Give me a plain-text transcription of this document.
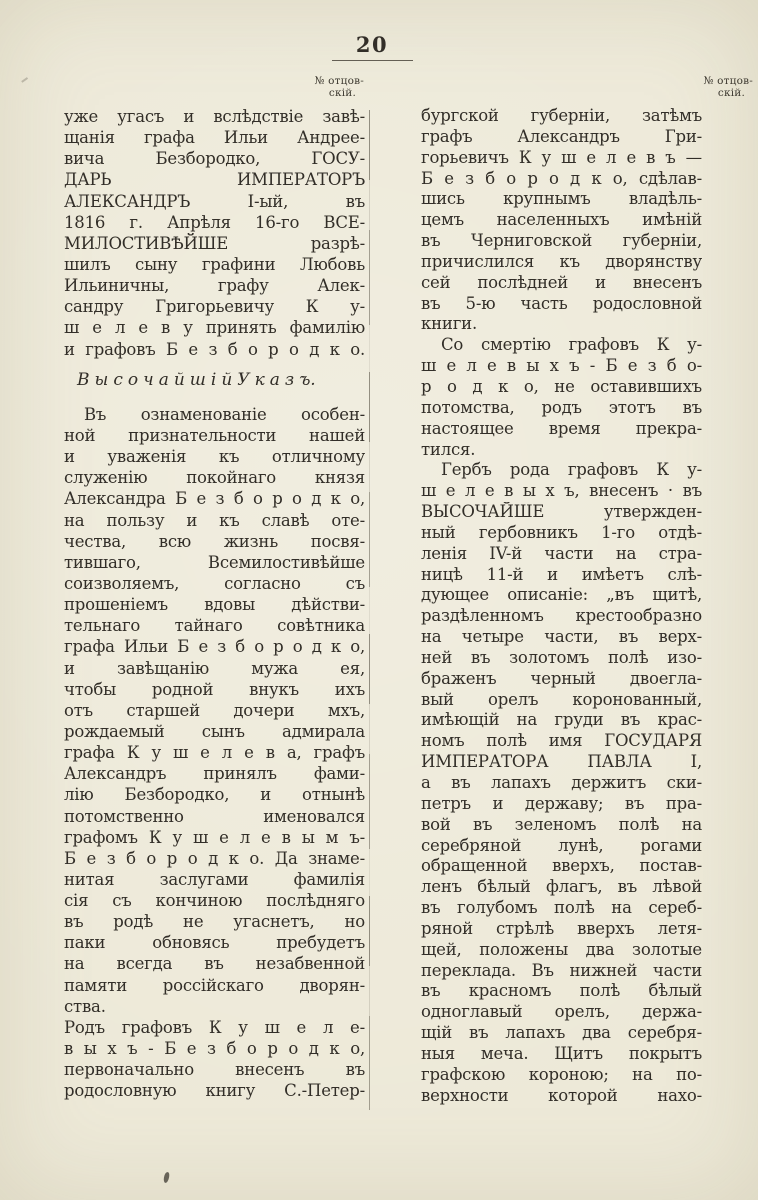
20
№ отцов-
скій.
№ отцов-
скій.
уже угасъ и вслѣдствіе завѣ-
щанія графа Ильи Андрее-
вича Безбородко, ГОСУ-
ДАРЬ ИМПЕРАТОРЪ
АЛЕКСАНДРЪ I-ый, въ
1816 г. Апрѣля 16-го ВСЕ-
МИЛОСТИВѢЙШЕ разрѣ-
шилъ сыну графини Любовь
Ильиничны, графу Алек-
сандру Григорьевичу К у-
ш е л е в у принять фамилію
и графовъ Б е з б о р о д к о.
В ы с о ч а й ш і й У к а з ъ.
Въ ознаменованіе особен-
ной признательности нашей
и уваженія къ отличному
служенію покойнаго князя
Александра Б е з б о р о д к о,
на пользу и къ славѣ оте-
чества, всю жизнь посвя-
тившаго, Всемилостивѣйше
соизволяемъ, согласно съ
прошеніемъ вдовы дѣйстви-
тельнаго тайнаго совѣтника
графа Ильи Б е з б о р о д к о,
и завѣщанію мужа ея,
чтобы родной внукъ ихъ
отъ старшей дочери мхъ,
рождаемый сынъ адмирала
графа К у ш е л е в а, графъ
Александръ принялъ фами-
лію Безбородко, и отнынѣ
потомственно именовался
графомъ К у ш е л е в ы м ъ-
Б е з б о р о д к о. Да знаме-
нитая заслугами фамилія
сія съ кончиною послѣдняго
въ родѣ не угаснетъ, но
паки обновясь пребудетъ
на всегда въ незабвенной
памяти россійскаго дворян-
ства.
Родъ графовъ К у ш е л е-
в ы х ъ - Б е з б о р о д к о,
первоначально внесенъ въ
родословную книгу С.-Петер-
бургской губерніи, затѣмъ
графъ Александръ Гри-
горьевичъ К у ш е л е в ъ —
Б е з б о р о д к о, сдѣлав-
шись крупнымъ владѣль-
цемъ населенныхъ имѣній
въ Черниговской губерніи,
причислился къ дворянству
сей послѣдней и внесенъ
въ 5-ю часть родословной
книги.
Со смертію графовъ К у-
ш е л е в ы х ъ - Б е з б о-
р о д к о, не оставившихъ
потомства, родъ этотъ въ
настоящее время прекра-
тился.
Гербъ рода графовъ К у-
ш е л е в ы х ъ, внесенъ · въ
ВЫСОЧАЙШЕ утвержден-
ный гербовникъ 1-го отдѣ-
ленія IV-й части на стра-
ницѣ 11-й и имѣетъ слѣ-
дующее описаніе: „въ щитѣ,
раздѣленномъ крестообразно
на четыре части, въ верх-
ней въ золотомъ полѣ изо-
браженъ черный двоегла-
вый орелъ коронованный,
имѣющій на груди въ крас-
номъ полѣ имя ГОСУДАРЯ
ИМПЕРАТОРА ПАВЛА I,
а въ лапахъ держитъ ски-
петръ и державу; въ пра-
вой въ зеленомъ полѣ на
серебряной лунѣ, рогами
обращенной вверхъ, постав-
ленъ бѣлый флагъ, въ лѣвой
въ голубомъ полѣ на сереб-
ряной стрѣлѣ вверхъ летя-
щей, положены два золотые
переклада. Въ нижней части
въ красномъ полѣ бѣлый
одноглавый орелъ, держа-
щій въ лапахъ два серебря-
ныя меча. Щитъ покрытъ
графскою короною; на по-
верхности которой нахо-
